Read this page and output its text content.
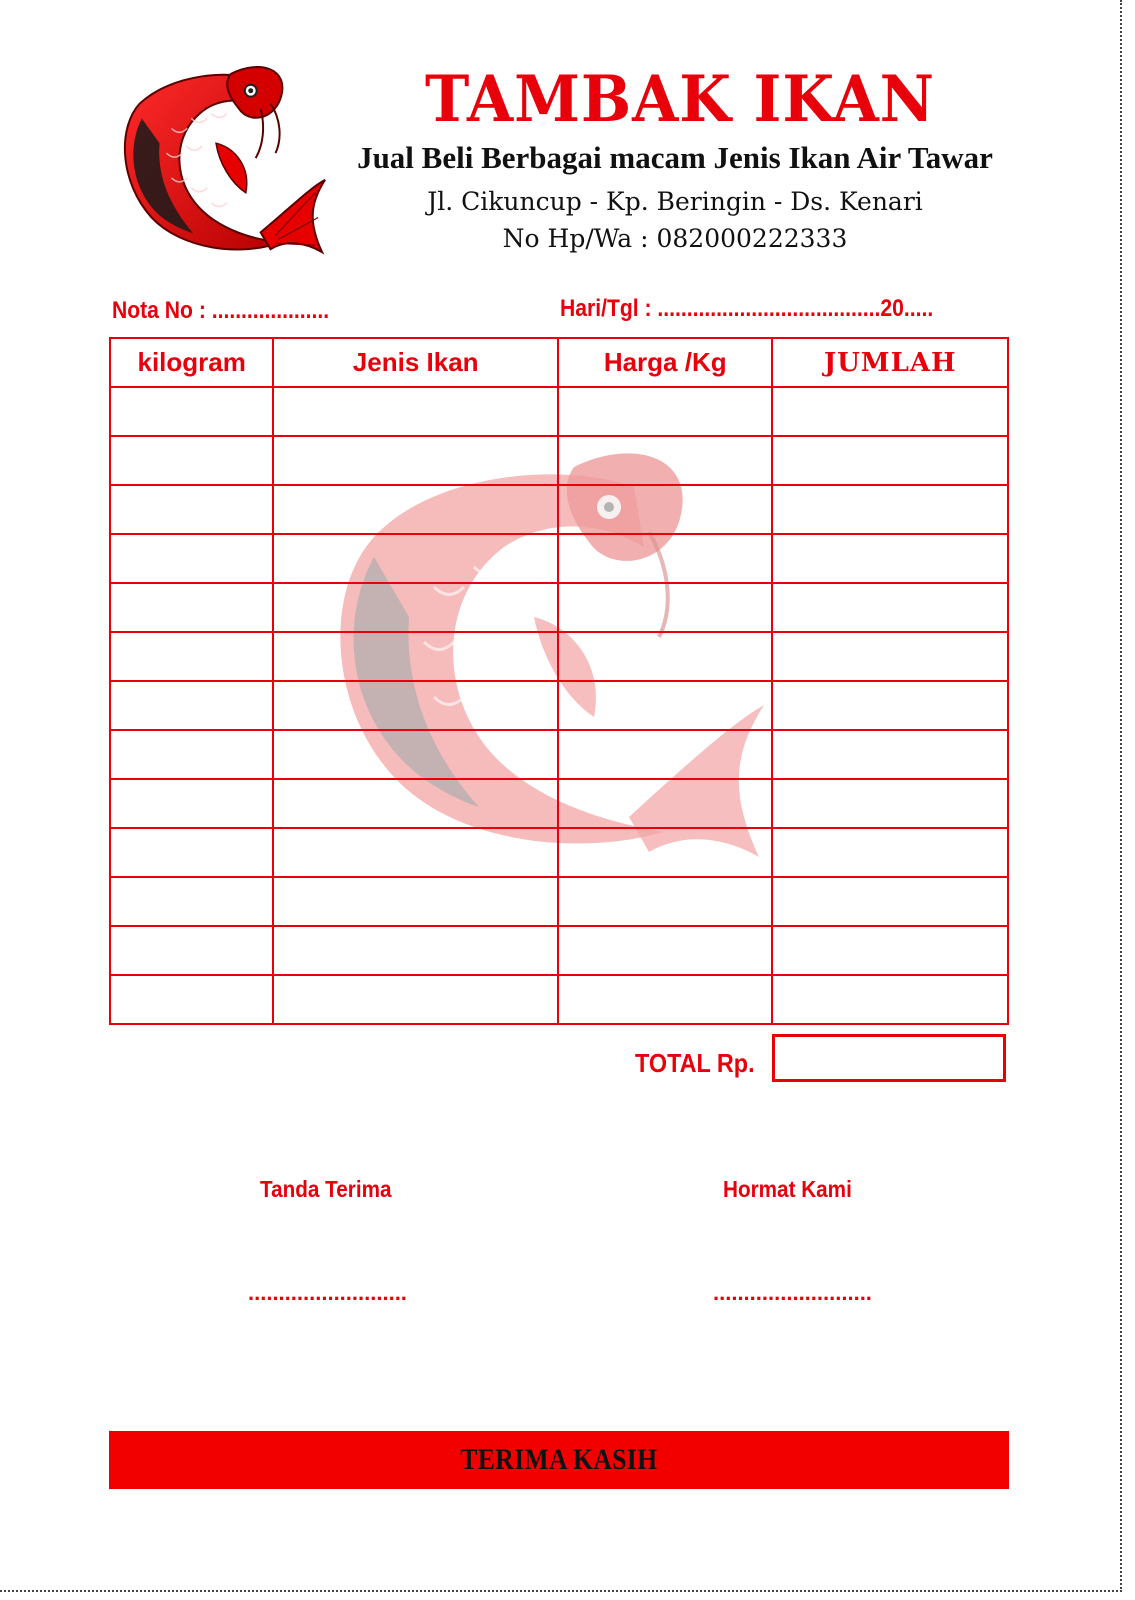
TAMBAK IKAN
Jual Beli Berbagai macam Jenis Ikan Air Tawar
Jl. Cikuncup - Kp. Beringin - Ds. Kenari
No Hp/Wa : 082000222333
Nota No : ....................	Hari/Tgl : ......................................20.....
kilogram	Jenis Ikan	Harga /Kg	JUMLAH

TOTAL Rp.
Tanda Terima	Hormat Kami
..........................	..........................
TERIMA KASIH
